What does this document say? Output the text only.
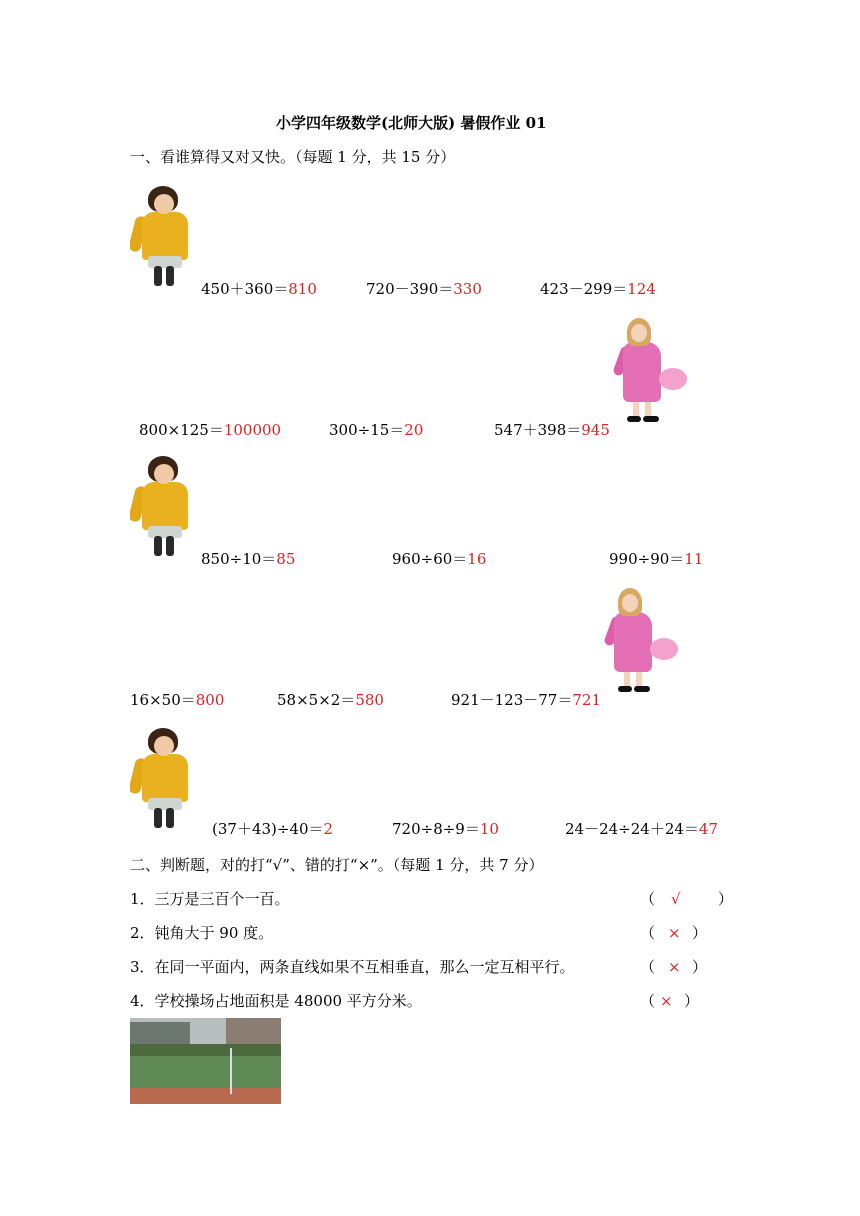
小学四年级数学(北师大版) 暑假作业 01
一、看谁算得又对又快。（每题 1 分，共 15 分）
450＋360＝810	720－390＝330	423－299＝124
800×125＝100000	300÷15＝20	547＋398＝945
850÷10＝85	960÷60＝16	990÷90＝11
16×50＝800	58×5×2＝580	921－123－77＝721
(37＋43)÷40＝2	720÷8÷9＝10	24－24÷24＋24＝47
二、判断题，对的打“√”、错的打“×”。（每题 1 分，共 7 分）
1．三万是三百个一百。	（ √ ）
2．钝角大于 90 度。	（ × ）
3．在同一平面内，两条直线如果不互相垂直，那么一定互相平行。	（ × ）
4．学校操场占地面积是 48000 平方分米。	（ × ）
